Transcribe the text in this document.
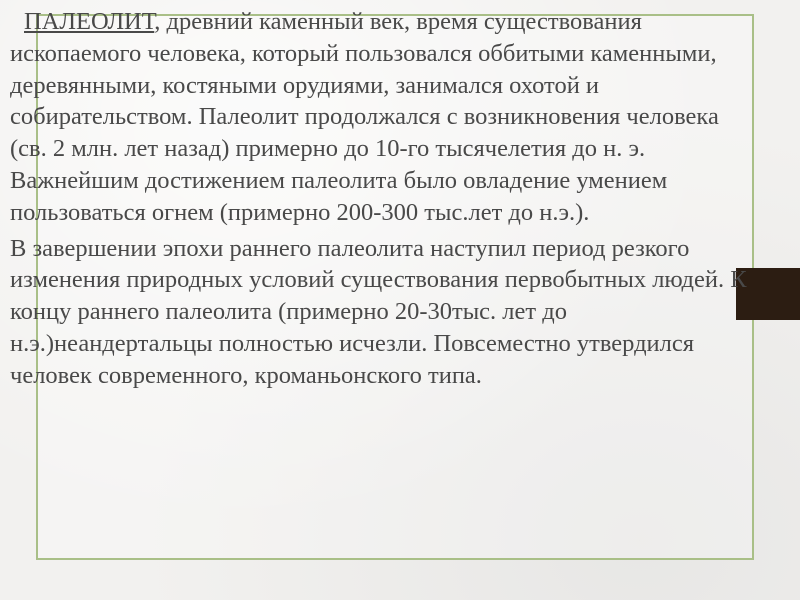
ПАЛЕОЛИТ, древний каменный век, время существования ископаемого человека, который пользовался оббитыми каменными, деревянными, костяными орудиями, занимался охотой и собирательством. Палеолит продолжался с возникновения человека (св. 2 млн. лет назад) примерно до 10-го тысячелетия до н. э. Важнейшим достижением палеолита было овладение умением пользоваться огнем (примерно 200-300 тыс.лет до н.э.).

В завершении эпохи раннего палеолита наступил период резкого изменения природных условий существования первобытных людей. К концу раннего палеолита (примерно 20-30тыс. лет до н.э.)неандертальцы полностью исчезли. Повсеместно утвердился человек современного, кроманьонского типа.
